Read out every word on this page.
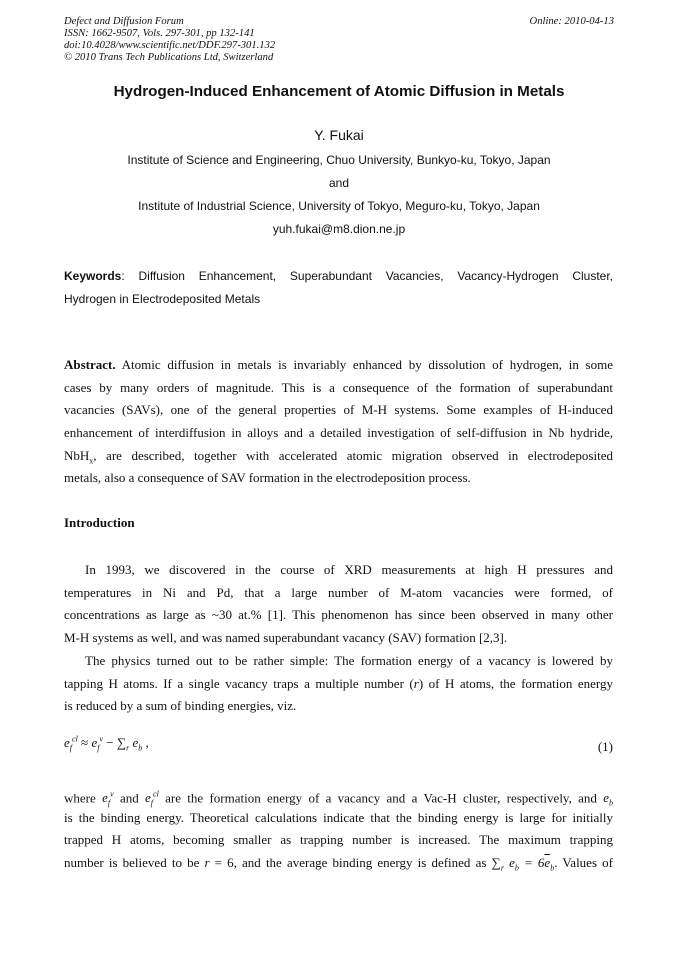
Defect and Diffusion Forum
ISSN: 1662-9507, Vols. 297-301, pp 132-141
doi:10.4028/www.scientific.net/DDF.297-301.132
© 2010 Trans Tech Publications Ltd, Switzerland
Online: 2010-04-13
Hydrogen-Induced Enhancement of Atomic Diffusion in Metals
Y. Fukai
Institute of Science and Engineering, Chuo University, Bunkyo-ku, Tokyo, Japan
and
Institute of Industrial Science, University of Tokyo, Meguro-ku, Tokyo, Japan
yuh.fukai@m8.dion.ne.jp
Keywords: Diffusion Enhancement, Superabundant Vacancies, Vacancy-Hydrogen Cluster,
Hydrogen in Electrodeposited Metals
Abstract. Atomic diffusion in metals is invariably enhanced by dissolution of hydrogen, in some
cases by many orders of magnitude. This is a consequence of the formation of superabundant
vacancies (SAVs), one of the general properties of M-H systems. Some examples of H-induced
enhancement of interdiffusion in alloys and a detailed investigation of self-diffusion in Nb hydride,
NbH$_x$, are described, together with accelerated atomic migration observed in electrodeposited
metals, also a consequence of SAV formation in the electrodeposition process.
Introduction
In 1993, we discovered in the course of XRD measurements at high H pressures and
temperatures in Ni and Pd, that a large number of M-atom vacancies were formed, of
concentrations as large as ~30 at.% [1]. This phenomenon has since been observed in many other
M-H systems as well, and was named superabundant vacancy (SAV) formation [2,3].
The physics turned out to be rather simple: The formation energy of a vacancy is lowered by
tapping H atoms. If a single vacancy traps a multiple number (r) of H atoms, the formation energy
is reduced by a sum of binding energies, viz.
$e_f^{cl} \approx e_f^v - \sum_r$ $e_b$ ,	(1)
where $e_f^v$ and $e_f^{cl}$ are the formation energy of a vacancy and a Vac-H cluster, respectively, and $e_b$
is the binding energy. Theoretical calculations indicate that the binding energy is large for initially
trapped H atoms, becoming smaller as trapping number is increased. The maximum trapping
number is believed to be r = 6, and the average binding energy is defined as $\sum_r$ $e_b = 6\overline{e}_b$. Values of
